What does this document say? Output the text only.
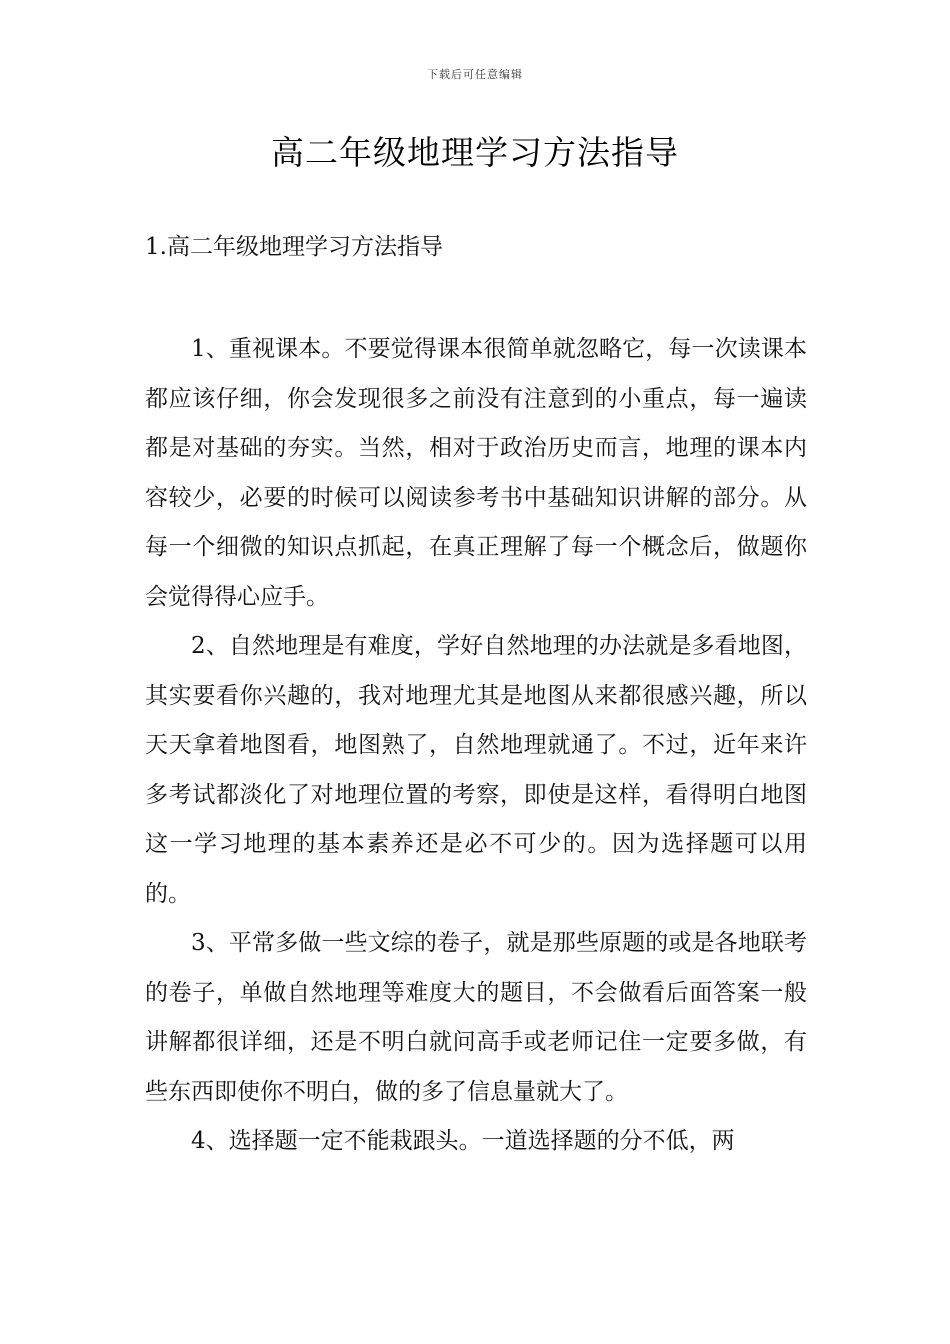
下载后可任意编辑
高二年级地理学习方法指导
1.高二年级地理学习方法指导

1、重视课本。不要觉得课本很简单就忽略它，每一次读课本都应该仔细，你会发现很多之前没有注意到的小重点，每一遍读都是对基础的夯实。当然，相对于政治历史而言，地理的课本内容较少，必要的时候可以阅读参考书中基础知识讲解的部分。从每一个细微的知识点抓起，在真正理解了每一个概念后，做题你会觉得得心应手。

2、自然地理是有难度，学好自然地理的办法就是多看地图，其实要看你兴趣的，我对地理尤其是地图从来都很感兴趣，所以天天拿着地图看，地图熟了，自然地理就通了。不过，近年来许多考试都淡化了对地理位置的考察，即使是这样，看得明白地图这一学习地理的基本素养还是必不可少的。因为选择题可以用的。

3、平常多做一些文综的卷子，就是那些原题的或是各地联考的卷子，单做自然地理等难度大的题目，不会做看后面答案一般讲解都很详细，还是不明白就问高手或老师记住一定要多做，有些东西即使你不明白，做的多了信息量就大了。

4、选择题一定不能栽跟头。一道选择题的分不低，两
